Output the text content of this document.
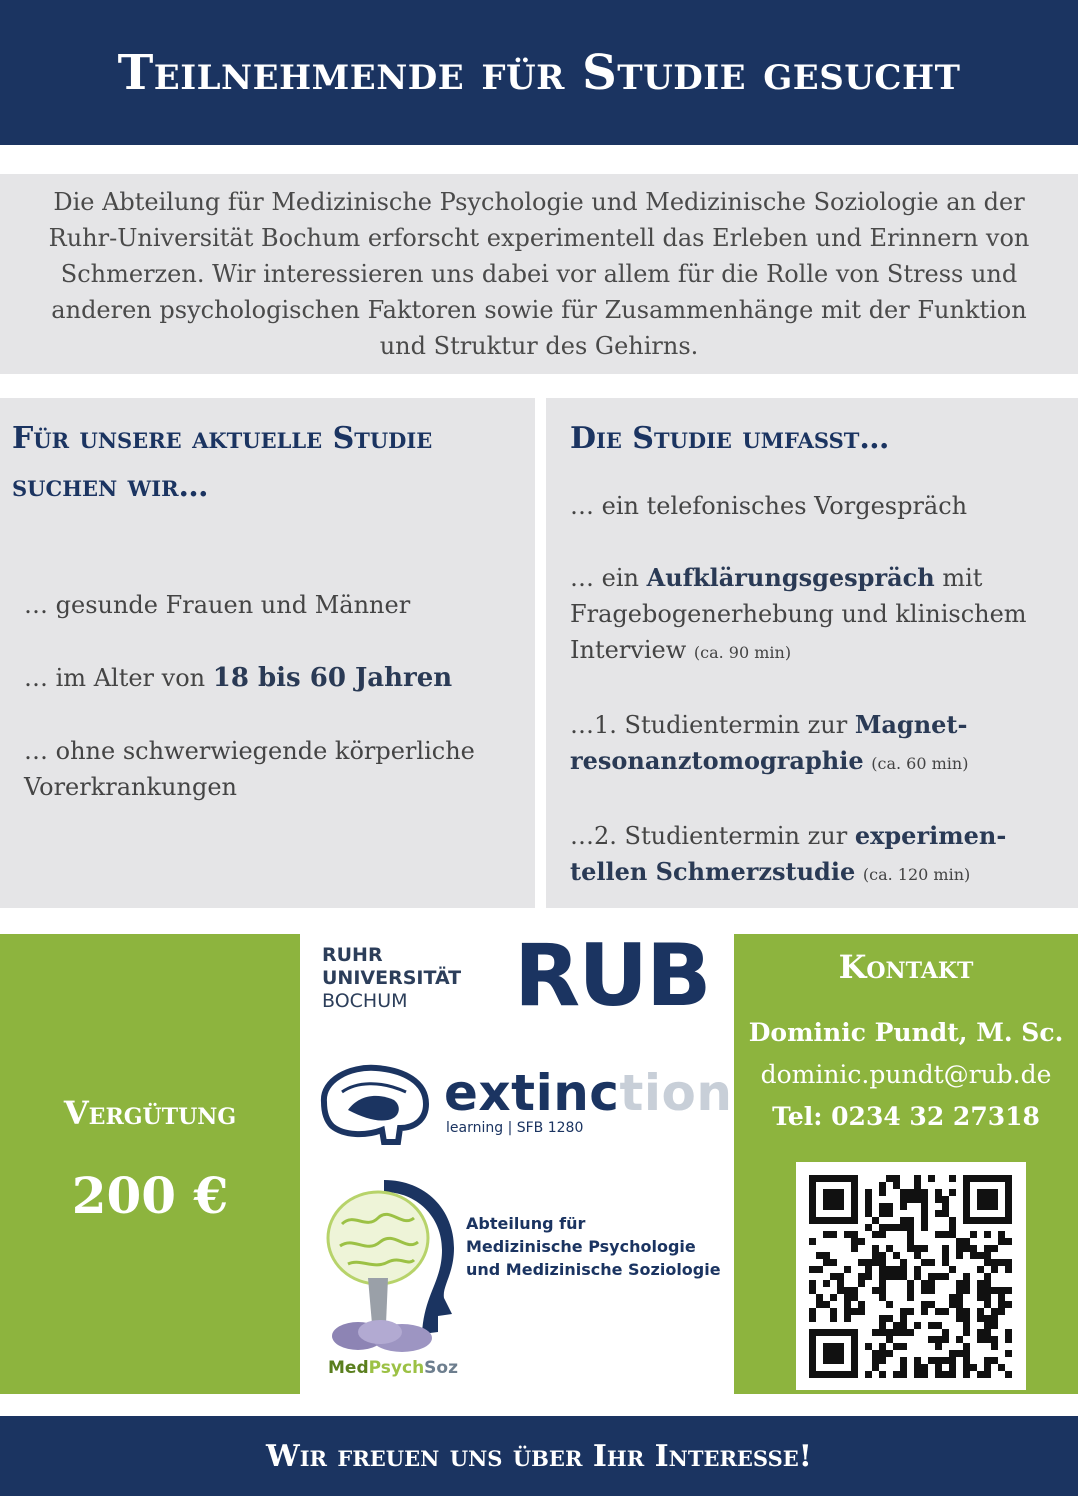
Teilnehmende für Studie gesucht
Die Abteilung für Medizinische Psychologie und Medizinische Soziologie an der Ruhr-Universität Bochum erforscht experimentell das Erleben und Erinnern von Schmerzen. Wir interessieren uns dabei vor allem für die Rolle von Stress und anderen psychologischen Faktoren sowie für Zusammenhänge mit der Funktion und Struktur des Gehirns.
Für unsere aktuelle Studie
suchen wir…
… gesunde Frauen und Männer
… im Alter von 18 bis 60 Jahren
… ohne schwerwiegende körperliche Vorerkrankungen
Die Studie umfasst…
… ein telefonisches Vorgespräch
… ein Aufklärungsgespräch mit Fragebogenerhebung und klinischem Interview (ca. 90 min)
…1. Studientermin zur Magnet-
resonanztomographie (ca. 60 min)
…2. Studientermin zur experimen-
tellen Schmerzstudie (ca. 120 min)
Vergütung
200 €
RUHR
UNIVERSITÄT
BOCHUM	RUB
extinction
learning | SFB 1280
Abteilung für
Medizinische Psychologie
und Medizinische Soziologie
MedPsychSoz
Kontakt
Dominic Pundt, M. Sc.
dominic.pundt@rub.de
Tel: 0234 32 27318
Wir freuen uns über Ihr Interesse!
